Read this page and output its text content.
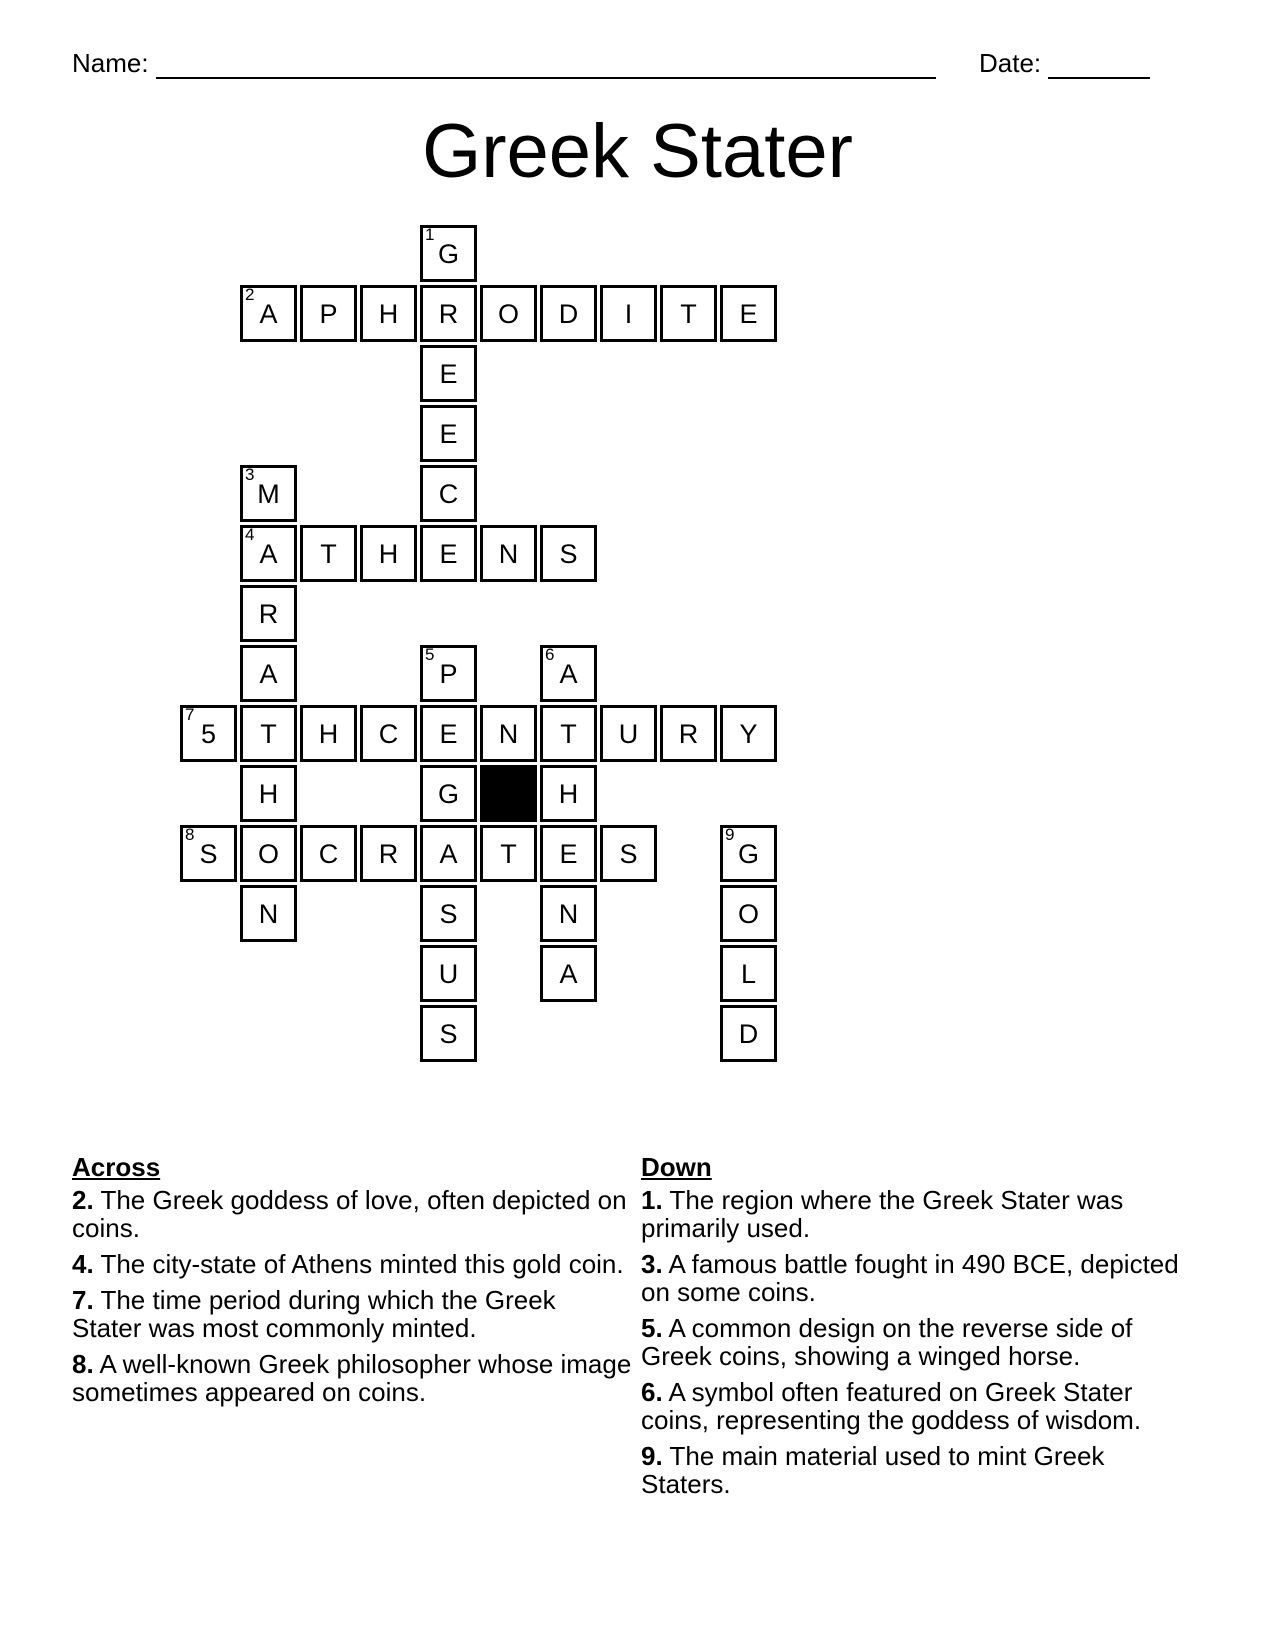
Name:	Date:
Greek Stater
1
G
2
A	P	H	R	O	D	I	T	E
E
E
3
M	C
4
A	T	H	E	N	S
R
A
5
P
6
A
7
5	T	H	C	E	N	T	U	R	Y
H	G	H
8
S	O	C	R	A	T	E	S
9
G
N	S	N	O
U	A	L
S	D
Across
2. The Greek goddess of love, often depicted on coins.
4. The city-state of Athens minted this gold coin.
7. The time period during which the Greek Stater was most commonly minted.
8. A well-known Greek philosopher whose image sometimes appeared on coins.
Down
1. The region where the Greek Stater was primarily used.
3. A famous battle fought in 490 BCE, depicted on some coins.
5. A common design on the reverse side of Greek coins, showing a winged horse.
6. A symbol often featured on Greek Stater coins, representing the goddess of wisdom.
9. The main material used to mint Greek Staters.
